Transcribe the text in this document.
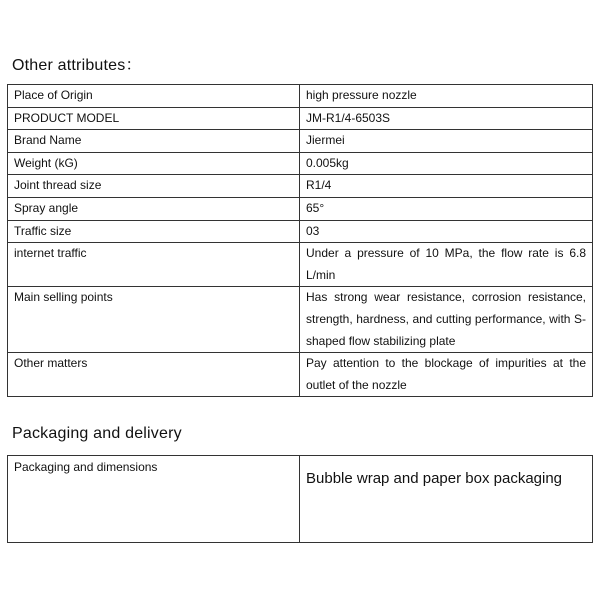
Other attributes：
Place of Origin	high pressure nozzle
PRODUCT MODEL	JM-R1/4-6503S
Brand Name	Jiermei
Weight (kG)	0.005kg
Joint thread size	R1/4
Spray angle	65°
Traffic size	03
internet traffic	Under a pressure of 10 MPa, the flow rate is 6.8 L/min
Main selling points	Has strong wear resistance, corrosion resistance, strength, hardness, and cutting performance, with S-shaped flow stabilizing plate
Other matters	Pay attention to the blockage of impurities at the outlet of the nozzle
Packaging and delivery
Packaging and dimensions	Bubble wrap and paper box packaging
